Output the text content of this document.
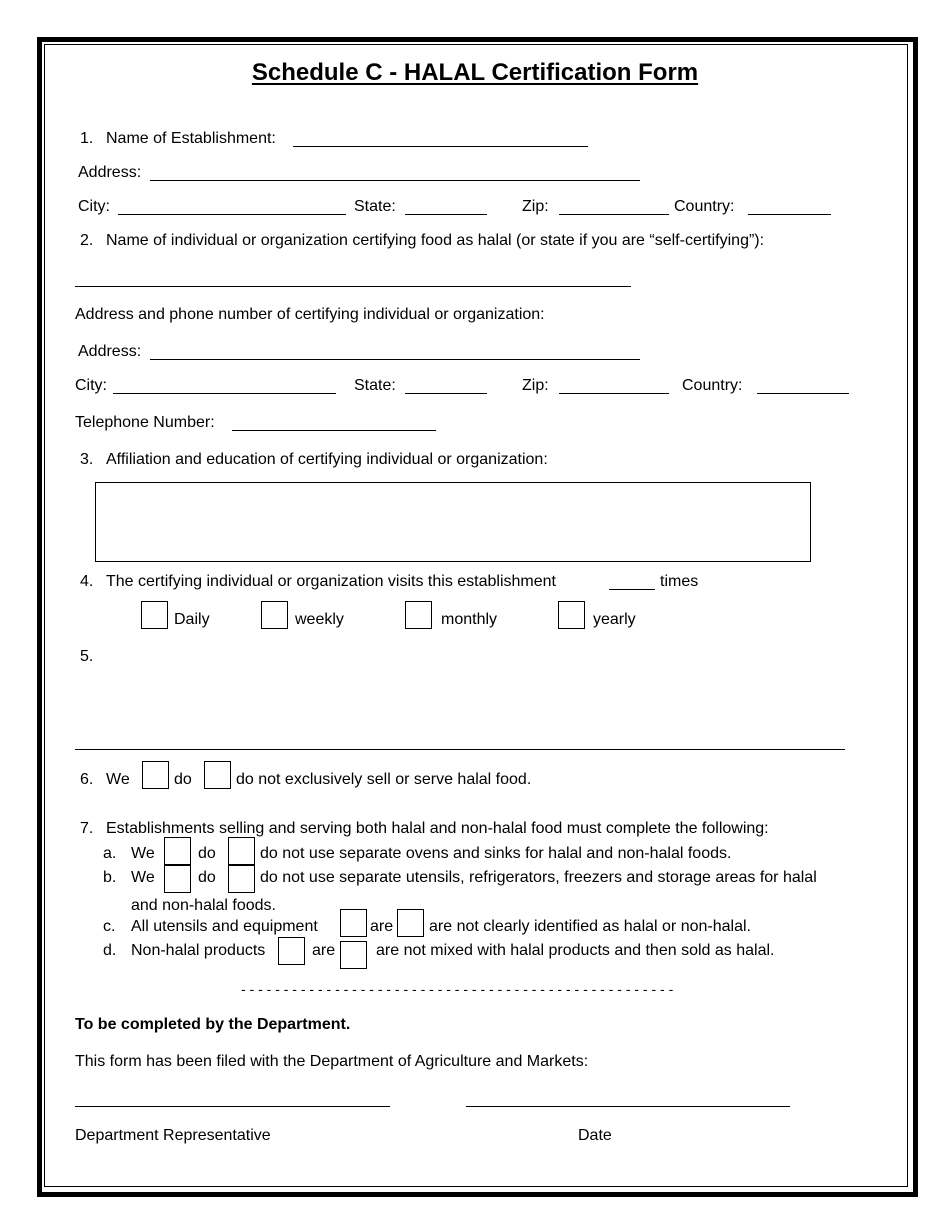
Schedule C - HALAL Certification Form
1. Name of Establishment:
Address:
City:	State:	Zip:	Country:
2. Name of individual or organization certifying food as halal (or state if you are “self-certifying”):
Address and phone number of certifying individual or organization:
Address:
City:	State:	Zip:	Country:
Telephone Number:
3. Affiliation and education of certifying individual or organization:
4. The certifying individual or organization visits this establishment	times
Daily	weekly	monthly	yearly
5.
6. We	do	do not exclusively sell or serve halal food.
7. Establishments selling and serving both halal and non-halal food must complete the following:
a. We	do	do not use separate ovens and sinks for halal and non-halal foods.
b. We	do	do not use separate utensils, refrigerators, freezers and storage areas for halal
and non-halal foods.
c. All utensils and equipment	are are not clearly identified as halal or non-halal.
d. Non-halal products	are	are not mixed with halal products and then sold as halal.
- - - - - - - - - - - - - - - - - - - - - - - - - - - - - - - - - - - - - - - - - - - - - - - - - - -
To be completed by the Department.
This form has been filed with the Department of Agriculture and Markets:
Department Representative	Date
